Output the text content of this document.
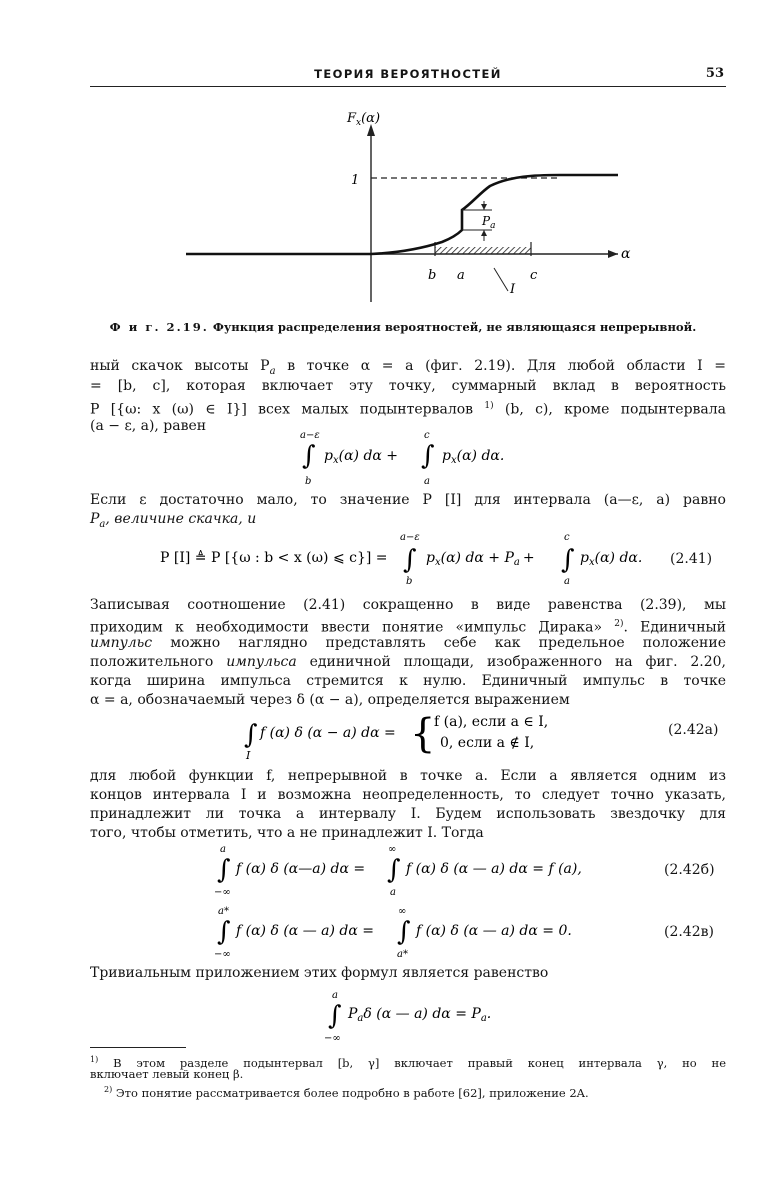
ТЕОРИЯ ВЕРОЯТНОСТЕЙ	53
$F_x(\alpha)$
α
1
$P_a$
b a	c
I
Ф и г. 2.19. Функция распределения вероятностей, не являющаяся непрерывной.
ный скачок высоты $P_a$ в точке α = a (фиг. 2.19). Для любой области I =
= [b, c], которая включает эту точку, суммарный вклад в вероятность
P [{ω: x (ω) ∈ I}] всех малых подынтервалов $^{1)}$ (b, c), кроме подынтервала
(a − ε, a), равен
a−ε
∫
b
$p_x(\alpha) d\alpha$ +
c
∫
a
$p_x(\alpha)$ dα.
Если ε достаточно мало, то значение P [I] для интервала (a—ε, a) равно
$P_a$, величине скачка, и
P [I] ≜ P [{ω : b < x (ω) ⩽ c}] =
a−ε
∫
b
$p_x(\alpha) d\alpha + P_a$ +
c
∫
a
$p_x(\alpha)$ dα. (2.41)
Записывая соотношение (2.41) сокращенно в виде равенства (2.39), мы
приходим к необходимости ввести понятие «импульс Дирака» $^{2)}$. Единичный
импульс можно наглядно представлять себе как предельное положение
положительного импульса единичной площади, изображенного на фиг. 2.20,
когда ширина импульса стремится к нулю. Единичный импульс в точке
α = a, обозначаемый через δ (α − a), определяется выражением
∫
I
f (α) δ (α − a) dα = {
f (a), если a ∈ I,
0, если a ∉ I,
(2.42a)
для любой функции f, непрерывной в точке a. Если a является одним из
концов интервала I и возможна неопределенность, то следует точно указать,
принадлежит ли точка a интервалу I. Будем использовать звездочку для
того, чтобы отметить, что a не принадлежит I. Тогда
a
∫
−∞
f (α) δ (α—a) dα =
∞
∫
a
f (α) δ (α — a) dα = f (a),	(2.42б)
a*
∫
−∞
f (α) δ (α — a) dα =
∞
∫
a*
f (α) δ (α — a) dα = 0.	(2.42в)
Тривиальным приложением этих формул является равенство
a
∫
−∞
$P_a\delta$ (α — a) $d\alpha = P_a$.
$^{1)}$ В этом разделе подынтервал [b, γ] включает правый конец интервала γ, но не
включает левый конец β.
$^{2)}$ Это понятие рассматривается более подробно в работе [62], приложение 2A.
